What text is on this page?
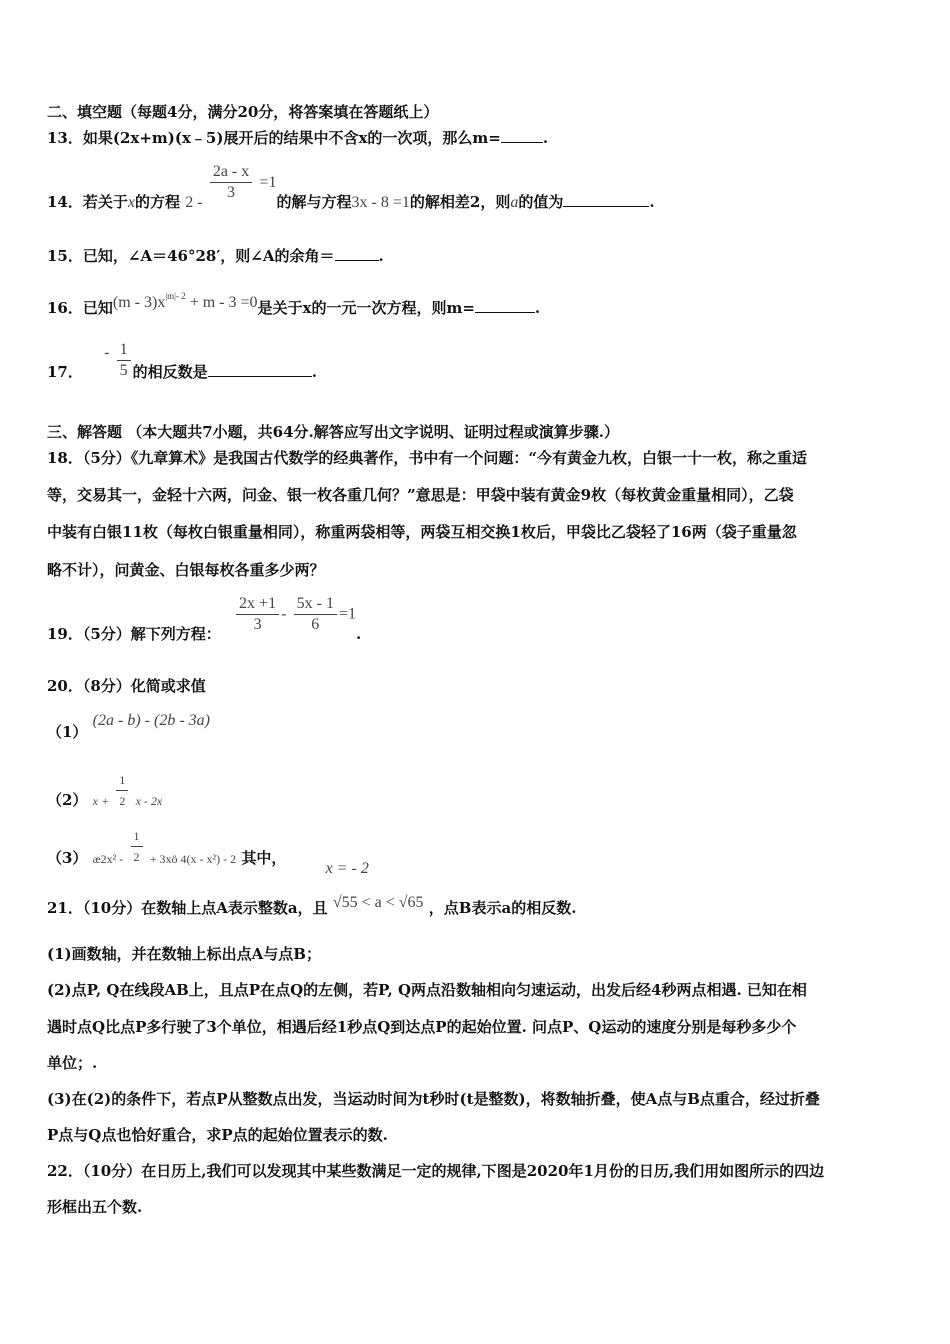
二、填空题（每题4分，满分20分，将答案填在答题纸上）
13．如果(2x+m)(x﹣5)展开后的结果中不含x的一次项，那么m=	.
14．若关于x的方程 $2 - \frac{2a - x}{3} =1$的解与方程3x - 8 =1的解相差2，则a的值为	.
15．已知，∠A＝46°28′，则∠A的余角＝	.
16．已知$(m - 3)x^{|m|- 2} + m - 3 =0$是关于x的一元一次方程，则m=	.
17． - $\frac{1}{5}$ 的相反数是	.
三、解答题 （本大题共7小题，共64分.解答应写出文字说明、证明过程或演算步骤.）
18．（5分）《九章算术》是我国古代数学的经典著作，书中有一个问题：“今有黄金九枚，白银一十一枚，称之重适
等，交易其一，金轻十六两，问金、银一枚各重几何？”意思是：甲袋中装有黄金9枚（每枚黄金重量相同），乙袋
中装有白银11枚（每枚白银重量相同），称重两袋相等，两袋互相交换1枚后，甲袋比乙袋轻了16两（袋子重量忽
略不计），问黄金、白银每枚各重多少两？
19．（5分）解下列方程： $\frac{2x +1}{3} - \frac{5x - 1}{6} =1$.
20．（8分）化简或求值
（1） (2a - b) - (2b - 3a)
（2） $_{x +} \frac{1}{2} _{x - 2x}$
（3） $_{æ2x^2 -} \frac{1}{2} _{+ 3xö 4(x - x^2) - 2}$ 其中， x = - 2
21．（10分）在数轴上点A表示整数a，且 √55 < a < √65 ，点B表示a的相反数.
(1)画数轴，并在数轴上标出点A与点B；
(2)点P, Q在线段AB上，且点P在点Q的左侧，若P, Q两点沿数轴相向匀速运动，出发后经4秒两点相遇. 已知在相
遇时点Q比点P多行驶了3个单位，相遇后经1秒点Q到达点P的起始位置. 问点P、Q运动的速度分别是每秒多少个
单位；.
(3)在(2)的条件下，若点P从整数点出发，当运动时间为t秒时(t是整数)，将数轴折叠，使A点与B点重合，经过折叠
P点与Q点也恰好重合，求P点的起始位置表示的数.
22．（10分）在日历上,我们可以发现其中某些数满足一定的规律,下图是2020年1月份的日历,我们用如图所示的四边
形框出五个数.
